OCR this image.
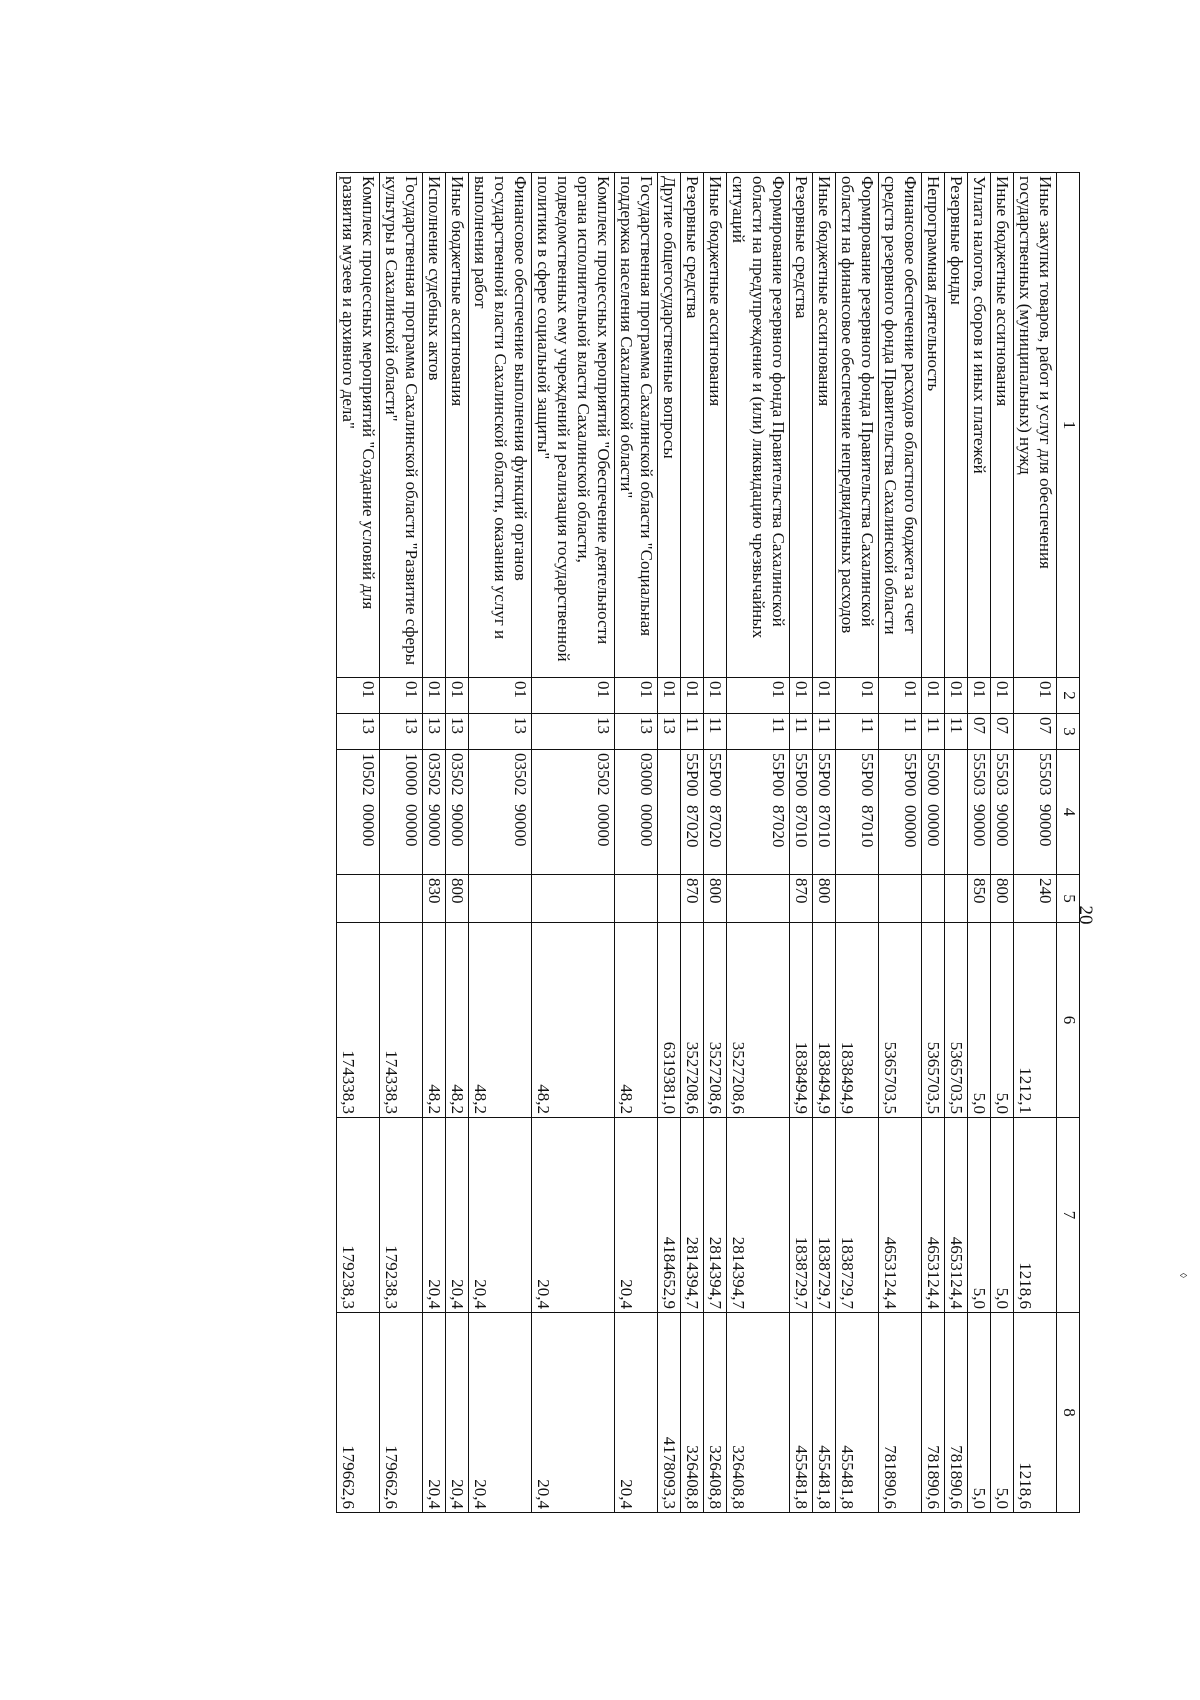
20
◊
1	2	3	4	5	6	7	8
Иные закупки товаров, работ и услуг для обеспечения государственных (муниципальных) нужд	01	07	55503  90000	240	1212,1	1218,6	1218,6
Иные бюджетные ассигнования	01	07	55503  90000	800	5,0	5,0	5,0
Уплата налогов, сборов и иных платежей	01	07	55503  90000	850	5,0	5,0	5,0
Резервные фонды	01	11			5365703,5	4653124,4	781890,6
Непрограммная деятельность	01	11	55000  00000		5365703,5	4653124,4	781890,6
Финансовое обеспечение расходов областного бюджета за счет средств резервного фонда Правительства Сахалинской области	01	11	55Р00  00000		5365703,5	4653124,4	781890,6
Формирование резервного фонда Правительства Сахалинской области на финансовое обеспечение непредвиденных расходов	01	11	55Р00  87010		1838494,9	1838729,7	455481,8
Иные бюджетные ассигнования	01	11	55Р00  87010	800	1838494,9	1838729,7	455481,8
Резервные средства	01	11	55Р00  87010	870	1838494,9	1838729,7	455481,8
Формирование резервного фонда Правительства Сахалинской области на предупреждение и (или) ликвидацию чрезвычайных ситуаций	01	11	55Р00  87020		3527208,6	2814394,7	326408,8
Иные бюджетные ассигнования	01	11	55Р00  87020	800	3527208,6	2814394,7	326408,8
Резервные средства	01	11	55Р00  87020	870	3527208,6	2814394,7	326408,8
Другие общегосударственные вопросы	01	13			6319381,0	4184652,9	4178093,3
Государственная программа Сахалинской области "Социальная поддержка населения Сахалинской области"	01	13	03000  00000		48,2	20,4	20,4
Комплекс процессных мероприятий "Обеспечение деятельности органа исполнительной власти Сахалинской области, подведомственных ему учреждений и реализация государственной политики в сфере социальной защиты"	01	13	03502  00000		48,2	20,4	20,4
Финансовое обеспечение выполнения функций органов государственной власти Сахалинской области, оказания услуг и выполнения работ	01	13	03502  90000		48,2	20,4	20,4
Иные бюджетные ассигнования	01	13	03502  90000	800	48,2	20,4	20,4
Исполнение судебных актов	01	13	03502  90000	830	48,2	20,4	20,4
Государственная программа Сахалинской области "Развитие сферы культуры в Сахалинской области"	01	13	10000  00000		174338,3	179238,3	179662,6
Комплекс процессных мероприятий "Создание условий для развития музеев и архивного дела"	01	13	10502  00000		174338,3	179238,3	179662,6
